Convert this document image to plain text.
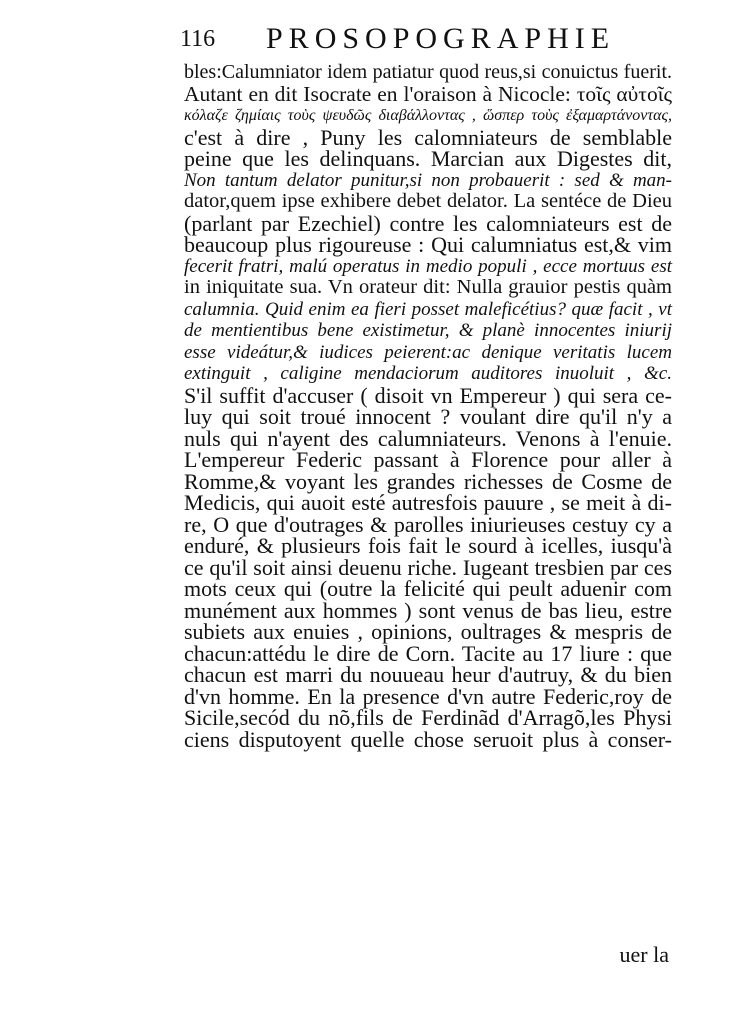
116 PROSOPOGRAPHIE
bles:Calumniator idem patiatur quod reus,si conuictus fuerit.
Autant en dit Isocrate en l'oraison à Nicocle: τοῖς αὐτοῖς
κόλαζε ζημίαις τοὺς ψευδῶς διαβάλλοντας , ὥσπερ τοὺς ἐξαμαρτάνοντας,
c'est à dire , Puny les calomniateurs de semblable
peine que les delinquans. Marcian aux Digestes dit,
Non tantum delator punitur,si non probauerit : sed & man-
dator,quem ipse exhibere debet delator. La sentéce de Dieu
(parlant par Ezechiel) contre les calomniateurs est de
beaucoup plus rigoureuse : Qui calumniatus est,& vim
fecerit fratri, malú operatus in medio populi , ecce mortuus est
in iniquitate sua. Vn orateur dit: Nulla grauior pestis quàm
calumnia. Quid enim ea fieri posset maleficétius? quæ facit , vt
de mentientibus bene existimetur, & planè innocentes iniurij
esse videátur,& iudices peierent:ac denique veritatis lucem
extinguit , caligine mendaciorum auditores inuoluit , &c.
S'il suffit d'accuser ( disoit vn Empereur ) qui sera ce-
luy qui soit troué innocent ? voulant dire qu'il n'y a
nuls qui n'ayent des calumniateurs. Venons à l'enuie.
L'empereur Federic passant à Florence pour aller à
Romme,& voyant les grandes richesses de Cosme de
Medicis, qui auoit esté autresfois pauure , se meit à di-
re, O que d'outrages & parolles iniurieuses cestuy cy a
enduré, & plusieurs fois fait le sourd à icelles, iusqu'à
ce qu'il soit ainsi deuenu riche. Iugeant tresbien par ces
mots ceux qui (outre la felicité qui peult aduenir com
munément aux hommes ) sont venus de bas lieu, estre
subiets aux enuies , opinions, oultrages & mespris de
chacun:attédu le dire de Corn. Tacite au 17 liure : que
chacun est marri du nouueau heur d'autruy, & du bien
d'vn homme. En la presence d'vn autre Federic,roy de
Sicile,secód du nõ,fils de Ferdinãd d'Arragõ,les Physi
ciens disputoyent quelle chose seruoit plus à conser-
uer la
